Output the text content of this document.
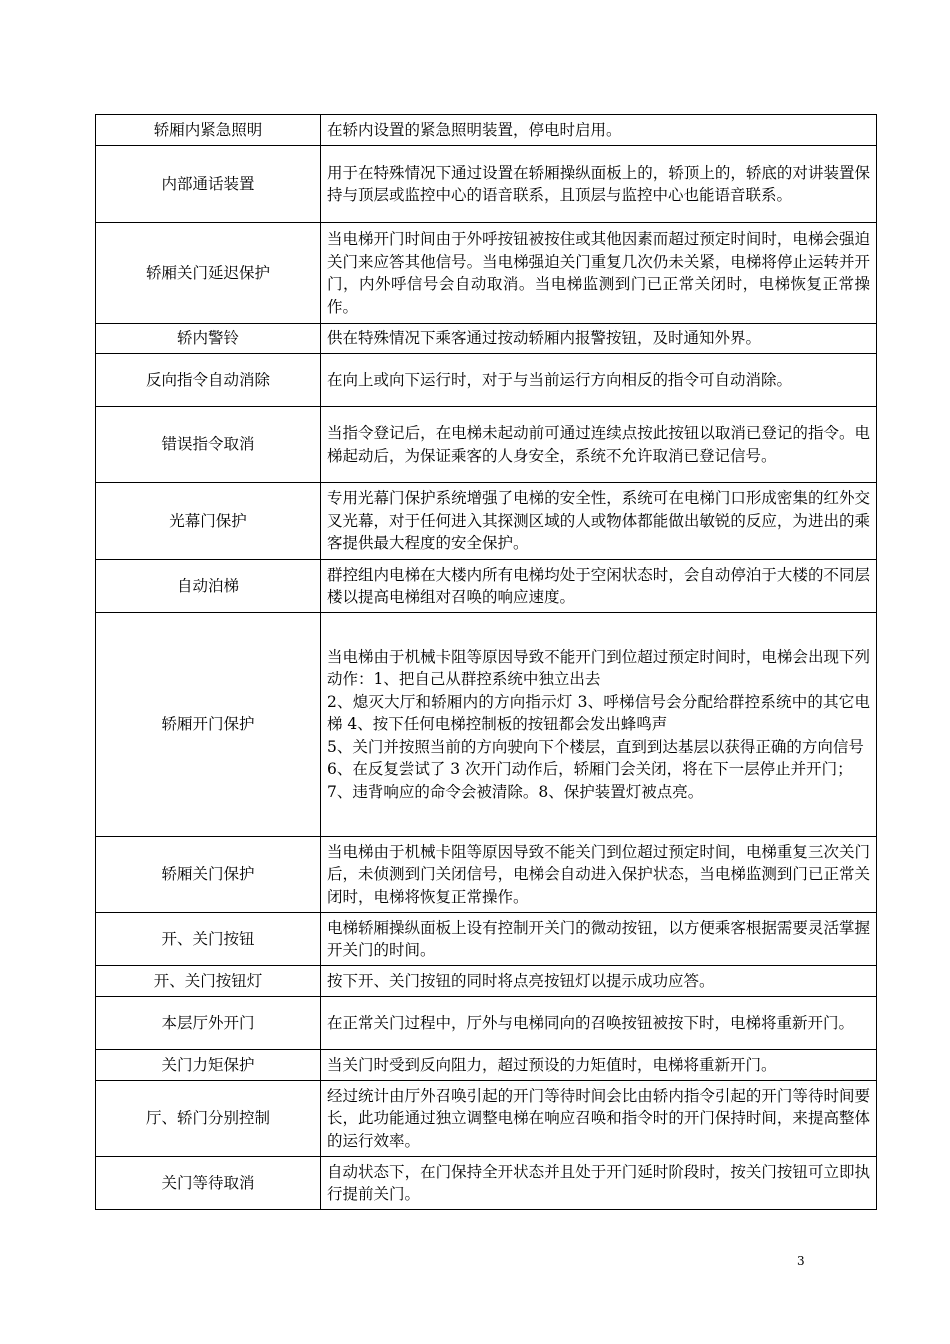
轿厢内紧急照明	在轿内设置的紧急照明装置，停电时启用。
内部通话装置	用于在特殊情况下通过设置在轿厢操纵面板上的，轿顶上的，轿底的对讲装置保持与顶层或监控中心的语音联系，且顶层与监控中心也能语音联系。
轿厢关门延迟保护	当电梯开门时间由于外呼按钮被按住或其他因素而超过预定时间时，电梯会强迫关门来应答其他信号。当电梯强迫关门重复几次仍未关紧，电梯将停止运转并开门，内外呼信号会自动取消。当电梯监测到门已正常关闭时，电梯恢复正常操作。
轿内警铃	供在特殊情况下乘客通过按动轿厢内报警按钮，及时通知外界。
反向指令自动消除	在向上或向下运行时，对于与当前运行方向相反的指令可自动消除。
错误指令取消	当指令登记后，在电梯未起动前可通过连续点按此按钮以取消已登记的指令。电梯起动后，为保证乘客的人身安全，系统不允许取消已登记信号。
光幕门保护	专用光幕门保护系统增强了电梯的安全性，系统可在电梯门口形成密集的红外交叉光幕，对于任何进入其探测区域的人或物体都能做出敏锐的反应，为进出的乘客提供最大程度的安全保护。
自动泊梯	群控组内电梯在大楼内所有电梯均处于空闲状态时，会自动停泊于大楼的不同层楼以提高电梯组对召唤的响应速度。
轿厢开门保护	当电梯由于机械卡阻等原因导致不能开门到位超过预定时间时，电梯会出现下列动作：1、把自己从群控系统中独立出去
2、熄灭大厅和轿厢内的方向指示灯 3、呼梯信号会分配给群控系统中的其它电梯 4、按下任何电梯控制板的按钮都会发出蜂鸣声
5、关门并按照当前的方向驶向下个楼层，直到到达基层以获得正确的方向信号
6、在反复尝试了 3 次开门动作后，轿厢门会关闭，将在下一层停止并开门；
7、违背响应的命令会被清除。8、保护装置灯被点亮。
轿厢关门保护	当电梯由于机械卡阻等原因导致不能关门到位超过预定时间，电梯重复三次关门后，未侦测到门关闭信号，电梯会自动进入保护状态，当电梯监测到门已正常关闭时，电梯将恢复正常操作。
开、关门按钮	电梯轿厢操纵面板上设有控制开关门的微动按钮，以方便乘客根据需要灵活掌握开关门的时间。
开、关门按钮灯	按下开、关门按钮的同时将点亮按钮灯以提示成功应答。
本层厅外开门	在正常关门过程中，厅外与电梯同向的召唤按钮被按下时，电梯将重新开门。
关门力矩保护	当关门时受到反向阻力，超过预设的力矩值时，电梯将重新开门。
厅、轿门分别控制	经过统计由厅外召唤引起的开门等待时间会比由轿内指令引起的开门等待时间要长，此功能通过独立调整电梯在响应召唤和指令时的开门保持时间，来提高整体的运行效率。
关门等待取消	自动状态下，在门保持全开状态并且处于开门延时阶段时，按关门按钮可立即执行提前关门。
3
